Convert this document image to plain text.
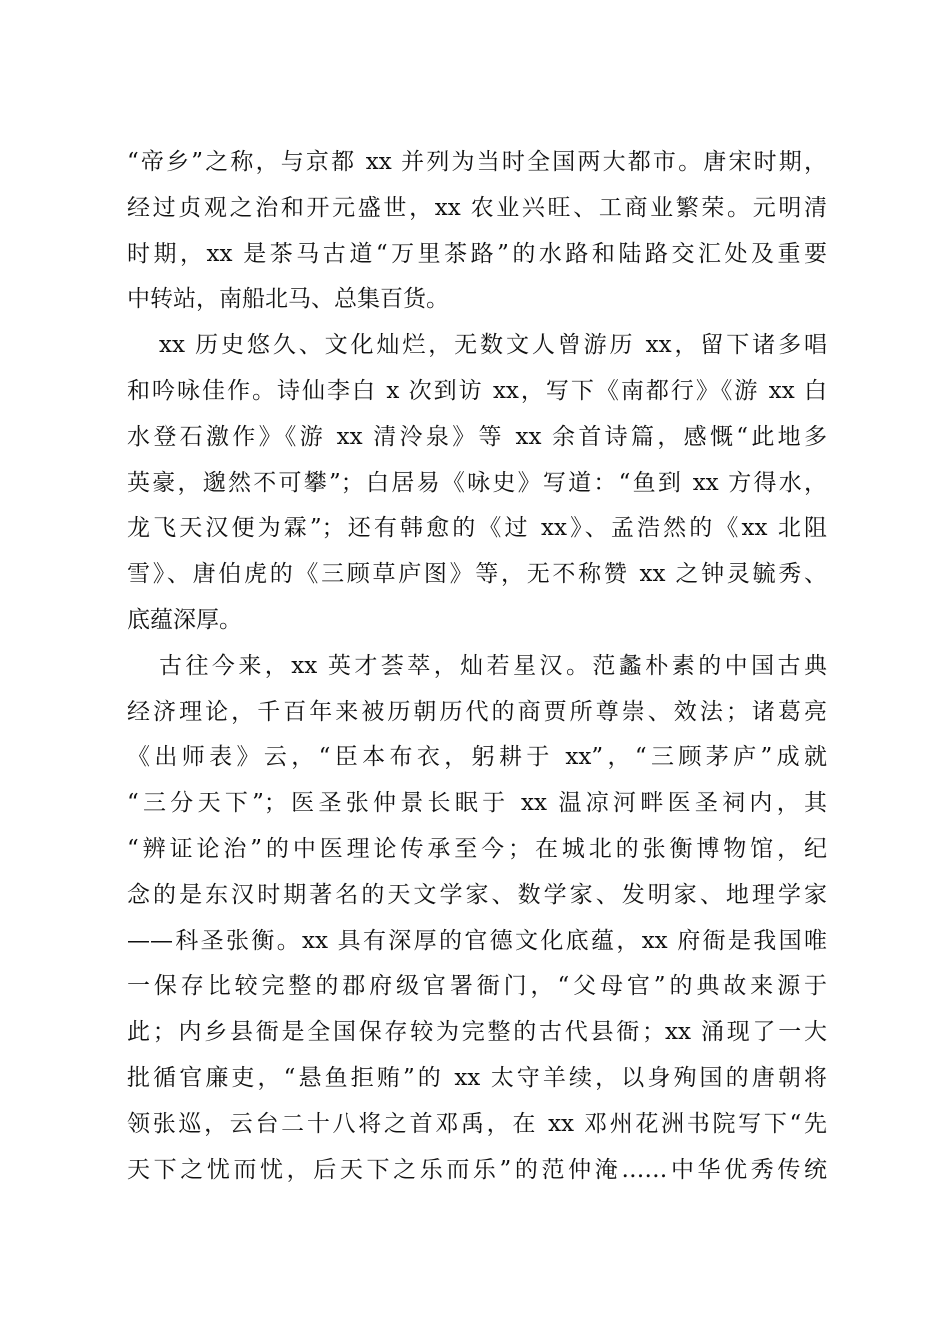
“帝乡”之称，与京都 xx 并列为当时全国两大都市。唐宋时期，
经过贞观之治和开元盛世，xx 农业兴旺、工商业繁荣。元明清
时期，xx 是茶马古道“万里茶路”的水路和陆路交汇处及重要
中转站，南船北马、总集百货。
xx 历史悠久、文化灿烂，无数文人曾游历 xx，留下诸多唱
和吟咏佳作。诗仙李白 x 次到访 xx，写下《南都行》《游 xx 白
水登石激作》《游 xx 清泠泉》等 xx 余首诗篇，感慨“此地多
英豪，邈然不可攀”；白居易《咏史》写道：“鱼到 xx 方得水，
龙飞天汉便为霖”；还有韩愈的《过 xx》、孟浩然的《xx 北阻
雪》、唐伯虎的《三顾草庐图》等，无不称赞 xx 之钟灵毓秀、
底蕴深厚。
古往今来，xx 英才荟萃，灿若星汉。范蠡朴素的中国古典
经济理论，千百年来被历朝历代的商贾所尊崇、效法；诸葛亮
《出师表》云，“臣本布衣，躬耕于 xx”，“三顾茅庐”成就
“三分天下”；医圣张仲景长眠于 xx 温凉河畔医圣祠内，其
“辨证论治”的中医理论传承至今；在城北的张衡博物馆，纪
念的是东汉时期著名的天文学家、数学家、发明家、地理学家
——科圣张衡。xx 具有深厚的官德文化底蕴，xx 府衙是我国唯
一保存比较完整的郡府级官署衙门，“父母官”的典故来源于
此；内乡县衙是全国保存较为完整的古代县衙；xx 涌现了一大
批循官廉吏，“悬鱼拒贿”的 xx 太守羊续，以身殉国的唐朝将
领张巡，云台二十八将之首邓禹，在 xx 邓州花洲书院写下“先
天下之忧而忧，后天下之乐而乐”的范仲淹……中华优秀传统
